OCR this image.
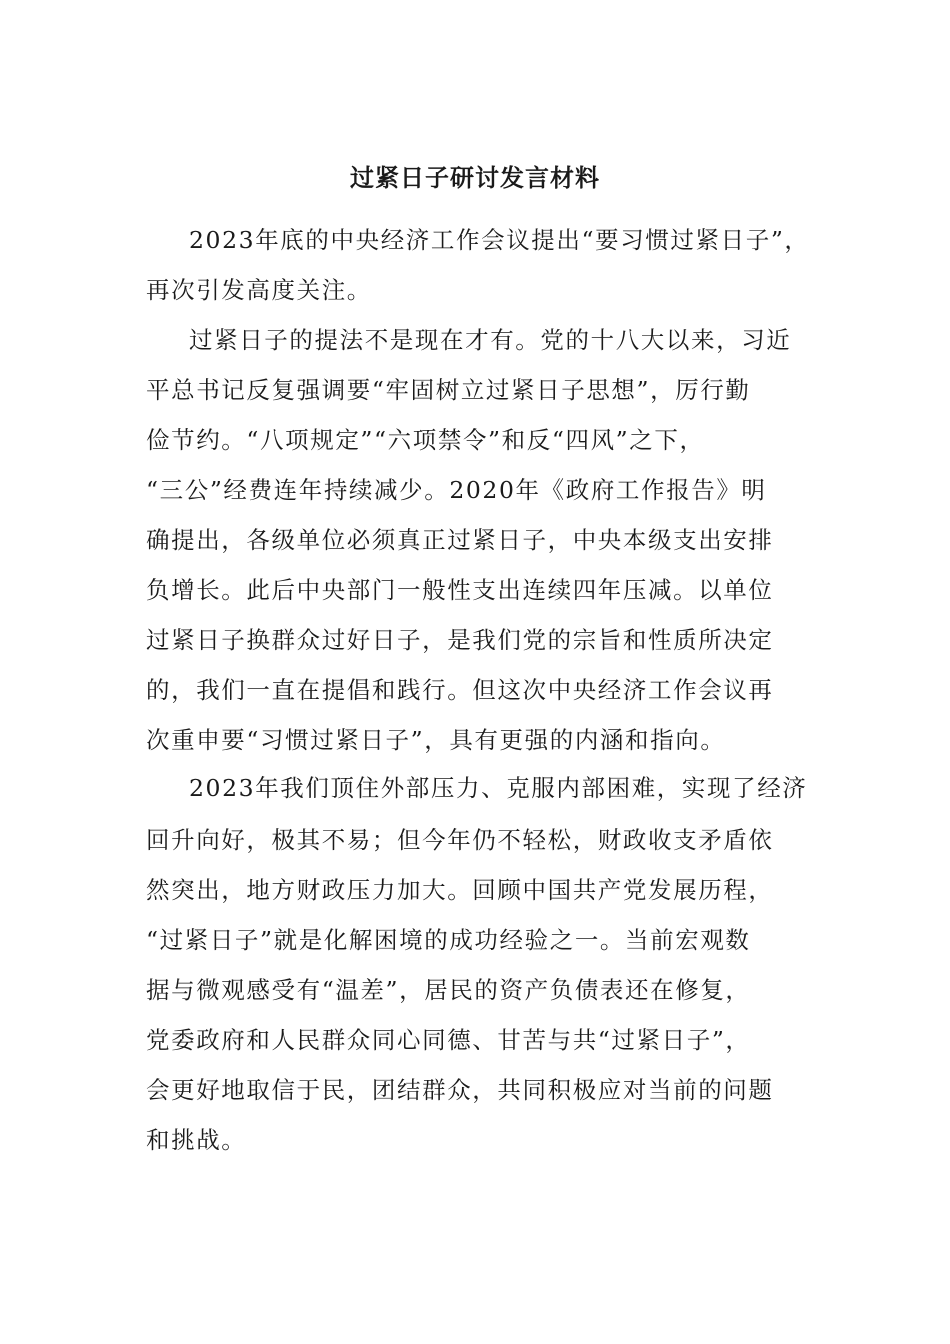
过紧日子研讨发言材料
2023年底的中央经济工作会议提出“要习惯过紧日子”，
再次引发高度关注。
过紧日子的提法不是现在才有。党的十八大以来，习近
平总书记反复强调要“牢固树立过紧日子思想”，厉行勤
俭节约。“八项规定”“六项禁令”和反“四风”之下，
“三公”经费连年持续减少。2020年《政府工作报告》明
确提出，各级单位必须真正过紧日子，中央本级支出安排
负增长。此后中央部门一般性支出连续四年压减。以单位
过紧日子换群众过好日子，是我们党的宗旨和性质所决定
的，我们一直在提倡和践行。但这次中央经济工作会议再
次重申要“习惯过紧日子”，具有更强的内涵和指向。
2023年我们顶住外部压力、克服内部困难，实现了经济
回升向好，极其不易；但今年仍不轻松，财政收支矛盾依
然突出，地方财政压力加大。回顾中国共产党发展历程，
“过紧日子”就是化解困境的成功经验之一。当前宏观数
据与微观感受有“温差”，居民的资产负债表还在修复，
党委政府和人民群众同心同德、甘苦与共“过紧日子”，
会更好地取信于民，团结群众，共同积极应对当前的问题
和挑战。
